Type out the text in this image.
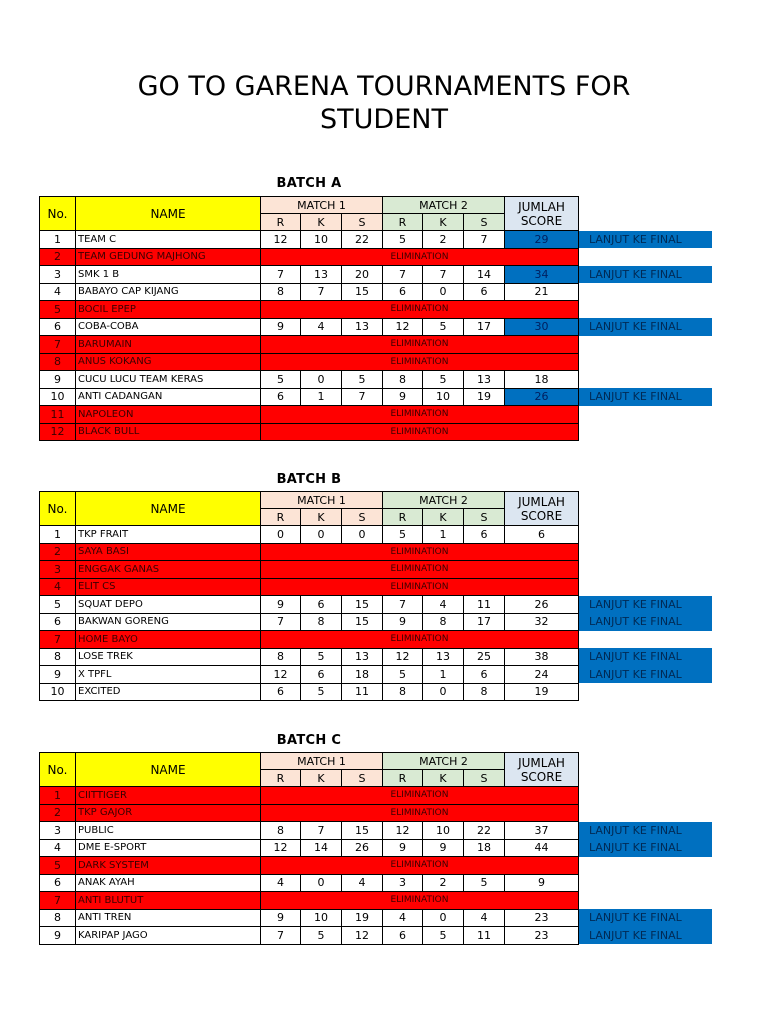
GO TO GARENA TOURNAMENTS FOR
STUDENT
BATCH A
No.	NAME	MATCH 1			MATCH 2			JUMLAH
SCORE	

		R	K	S	R	K	S		
1	TEAM C	12	10	22	5	2	7	29	LANJUT KE FINAL
2	TEAM GEDUNG MAJHONG	ELIMINATION							
3	SMK 1 B	7	13	20	7	7	14	34	LANJUT KE FINAL
4	BABAYO CAP KIJANG	8	7	15	6	0	6	21	
5	BOCIL EPEP	ELIMINATION							
6	COBA-COBA	9	4	13	12	5	17	30	LANJUT KE FINAL
7	BARUMAIN	ELIMINATION							
8	ANUS KOKANG	ELIMINATION							
9	CUCU LUCU TEAM KERAS	5	0	5	8	5	13	18	
10	ANTI CADANGAN	6	1	7	9	10	19	26	LANJUT KE FINAL
11	NAPOLEON	ELIMINATION							
12	BLACK BULL	ELIMINATION							
BATCH B
No.	NAME	MATCH 1			MATCH 2			JUMLAH
SCORE	

		R	K	S	R	K	S		
1	TKP FRAIT	0	0	0	5	1	6	6	
2	SAYA BASI	ELIMINATION							
3	ENGGAK GANAS	ELIMINATION							
4	ELIT CS	ELIMINATION							
5	SQUAT DEPO	9	6	15	7	4	11	26	LANJUT KE FINAL
6	BAKWAN GORENG	7	8	15	9	8	17	32	LANJUT KE FINAL
7	HOME BAYO	ELIMINATION							
8	LOSE TREK	8	5	13	12	13	25	38	LANJUT KE FINAL
9	X TPFL	12	6	18	5	1	6	24	LANJUT KE FINAL
10	EXCITED	6	5	11	8	0	8	19	
BATCH C
No.	NAME	MATCH 1			MATCH 2			JUMLAH
SCORE	

		R	K	S	R	K	S		
1	CIITTIGER	ELIMINATION							
2	TKP GAJOR	ELIMINATION							
3	PUBLIC	8	7	15	12	10	22	37	LANJUT KE FINAL
4	DME E-SPORT	12	14	26	9	9	18	44	LANJUT KE FINAL
5	DARK SYSTEM	ELIMINATION							
6	ANAK AYAH	4	0	4	3	2	5	9	
7	ANTI BLUTUT	ELIMINATION							
8	ANTI TREN	9	10	19	4	0	4	23	LANJUT KE FINAL
9	KARIPAP JAGO	7	5	12	6	5	11	23	LANJUT KE FINAL
